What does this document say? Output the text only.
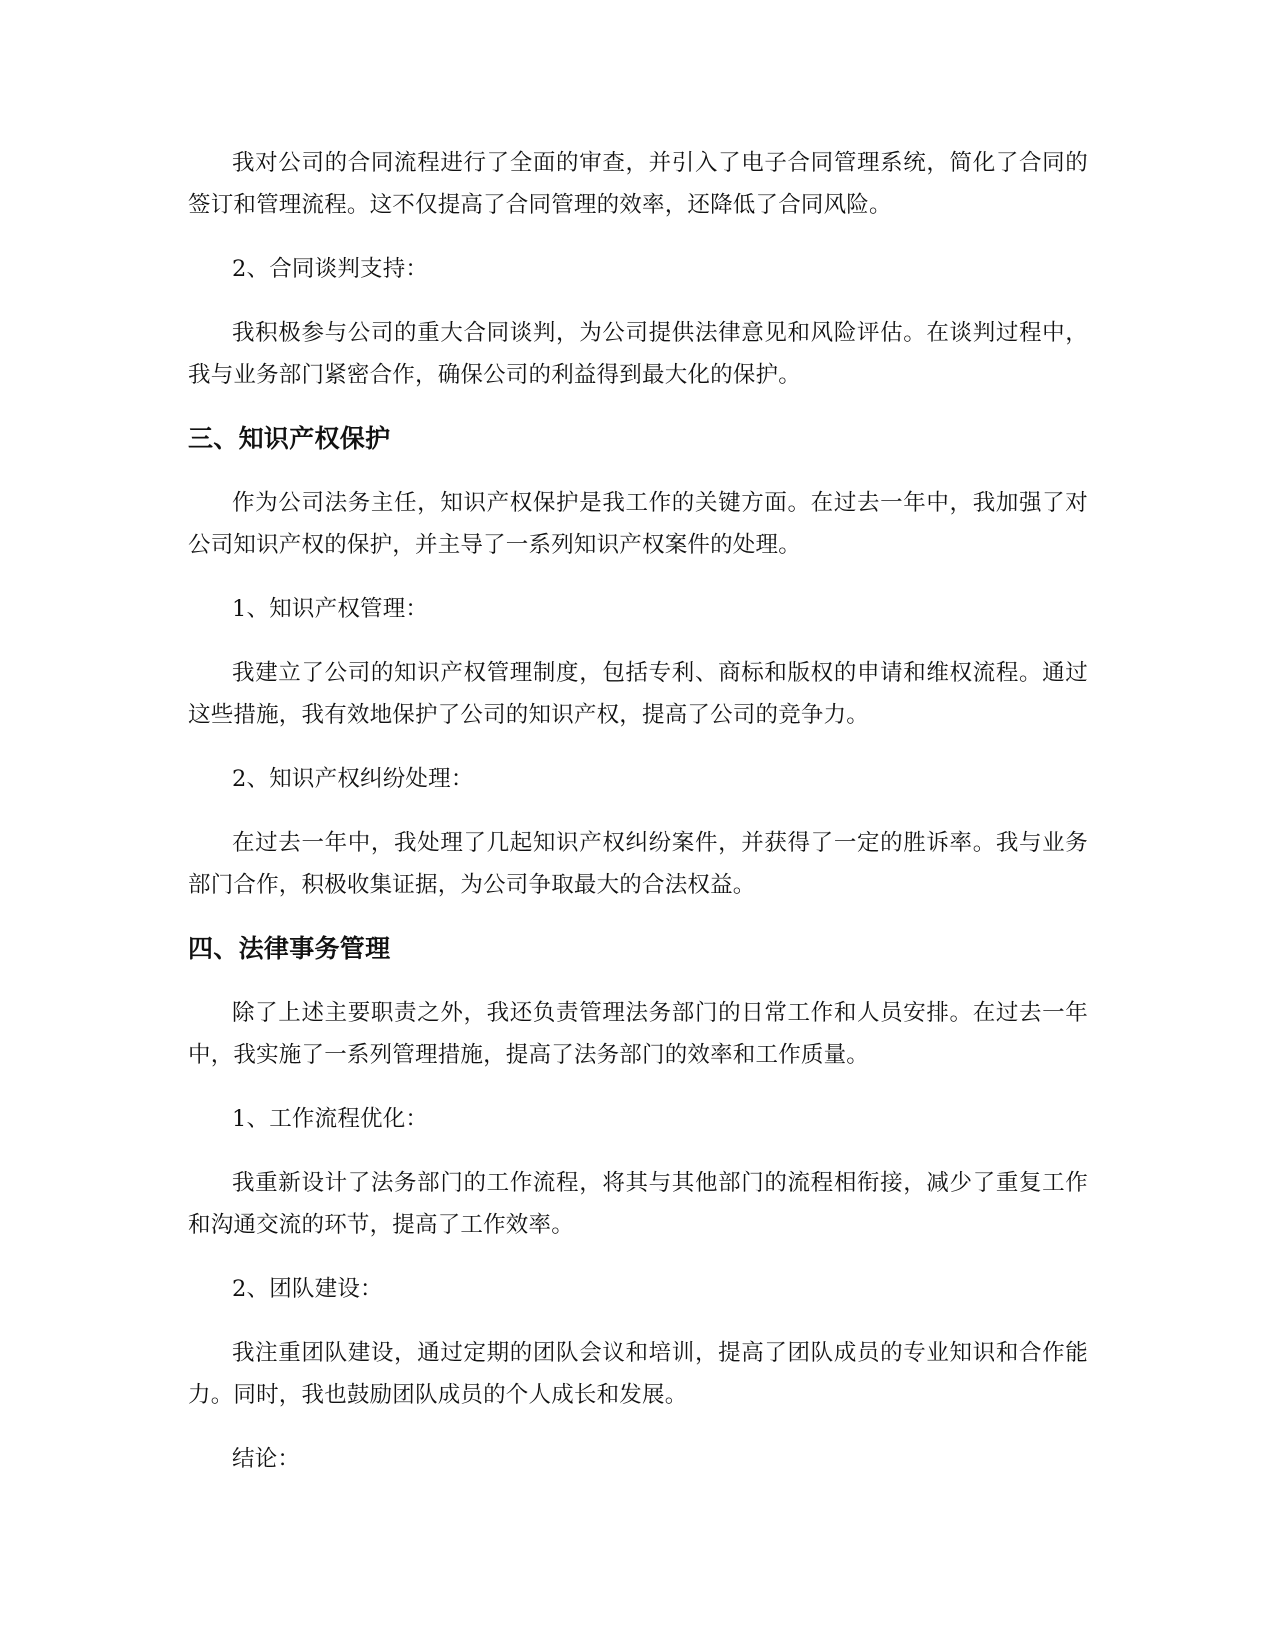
我对公司的合同流程进行了全面的审查，并引入了电子合同管理系统，简化了合同的签订和管理流程。这不仅提高了合同管理的效率，还降低了合同风险。

2、合同谈判支持：

我积极参与公司的重大合同谈判，为公司提供法律意见和风险评估。在谈判过程中，我与业务部门紧密合作，确保公司的利益得到最大化的保护。

三、知识产权保护

作为公司法务主任，知识产权保护是我工作的关键方面。在过去一年中，我加强了对公司知识产权的保护，并主导了一系列知识产权案件的处理。

1、知识产权管理：

我建立了公司的知识产权管理制度，包括专利、商标和版权的申请和维权流程。通过这些措施，我有效地保护了公司的知识产权，提高了公司的竞争力。

2、知识产权纠纷处理：

在过去一年中，我处理了几起知识产权纠纷案件，并获得了一定的胜诉率。我与业务部门合作，积极收集证据，为公司争取最大的合法权益。

四、法律事务管理

除了上述主要职责之外，我还负责管理法务部门的日常工作和人员安排。在过去一年中，我实施了一系列管理措施，提高了法务部门的效率和工作质量。

1、工作流程优化：

我重新设计了法务部门的工作流程，将其与其他部门的流程相衔接，减少了重复工作和沟通交流的环节，提高了工作效率。

2、团队建设：

我注重团队建设，通过定期的团队会议和培训，提高了团队成员的专业知识和合作能力。同时，我也鼓励团队成员的个人成长和发展。

结论：
